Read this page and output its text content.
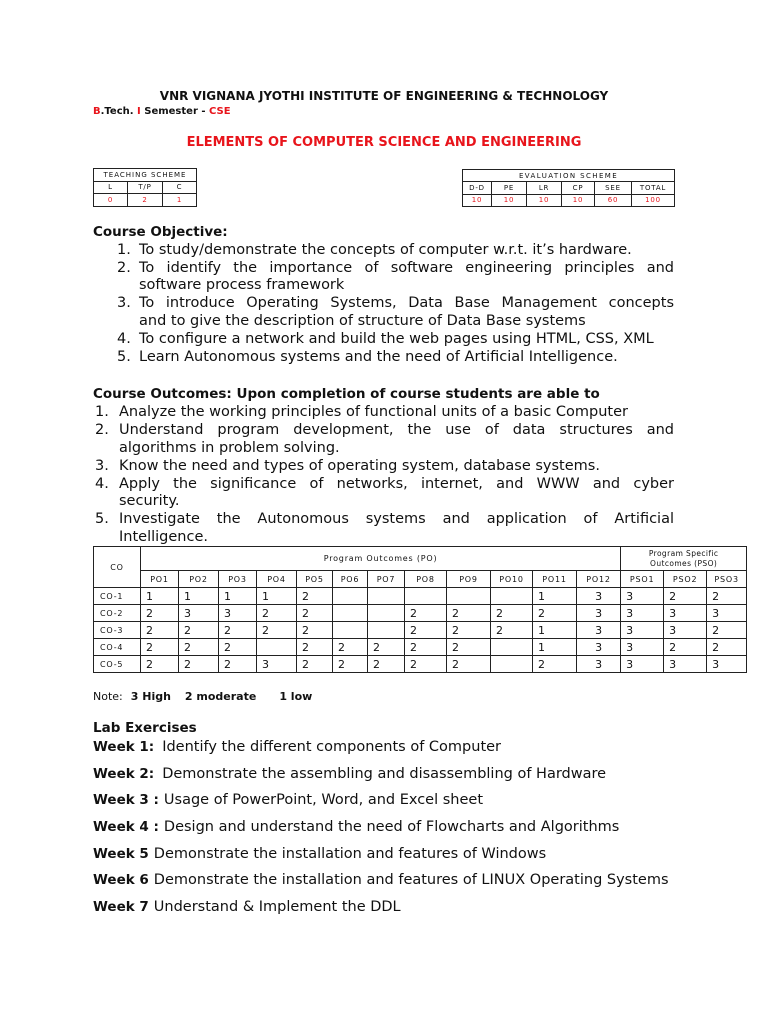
VNR VIGNANA JYOTHI INSTITUTE OF ENGINEERING & TECHNOLOGY
B.Tech. I Semester - CSE
ELEMENTS OF COMPUTER SCIENCE AND ENGINEERING
TEACHING SCHEME		
L	T/P	C
0	2	1
EVALUATION SCHEME					
D-D	PE	LR	CP	SEE	TOTAL
10	10	10	10	60	100
Course Objective:
1. To study/demonstrate the concepts of computer w.r.t. it’s hardware.
2. To identify the importance of software engineering principles and
software process framework
3. To introduce Operating Systems, Data Base Management concepts
and to give the description of structure of Data Base systems
4. To configure a network and build the web pages using HTML, CSS, XML
5. Learn Autonomous systems and the need of Artificial Intelligence.
Course Outcomes: Upon completion of course students are able to
1. Analyze the working principles of functional units of a basic Computer
2. Understand program development, the use of data structures and
algorithms in problem solving.
3. Know the need and types of operating system, database systems.
4. Apply the significance of networks, internet, and WWW and cyber
security.
5. Investigate the Autonomous systems and application of Artificial
Intelligence.
CO	Program Outcomes (PO)												Program Specific
Outcomes (PSO)		

	PO1	PO2	PO3	PO4	PO5	PO6	PO7	PO8	PO9	PO10	PO11	PO12	PSO1	PSO2	PSO3
CO-1	1	1	1	1	2						1	3	3	2	2
CO-2	2	3	3	2	2			2	2	2	2	3	3	3	3
CO-3	2	2	2	2	2			2	2	2	1	3	3	3	2
CO-4	2	2	2		2	2	2	2	2		1	3	3	2	2
CO-5	2	2	2	3	2	2	2	2	2		2	3	3	3	3
Note: 3 High 2 moderate 1 low
Lab Exercises
Week 1: Identify the different components of Computer
Week 2: Demonstrate the assembling and disassembling of Hardware
Week 3 : Usage of PowerPoint, Word, and Excel sheet
Week 4 : Design and understand the need of Flowcharts and Algorithms
Week 5 Demonstrate the installation and features of Windows
Week 6 Demonstrate the installation and features of LINUX Operating Systems
Week 7 Understand & Implement the DDL
